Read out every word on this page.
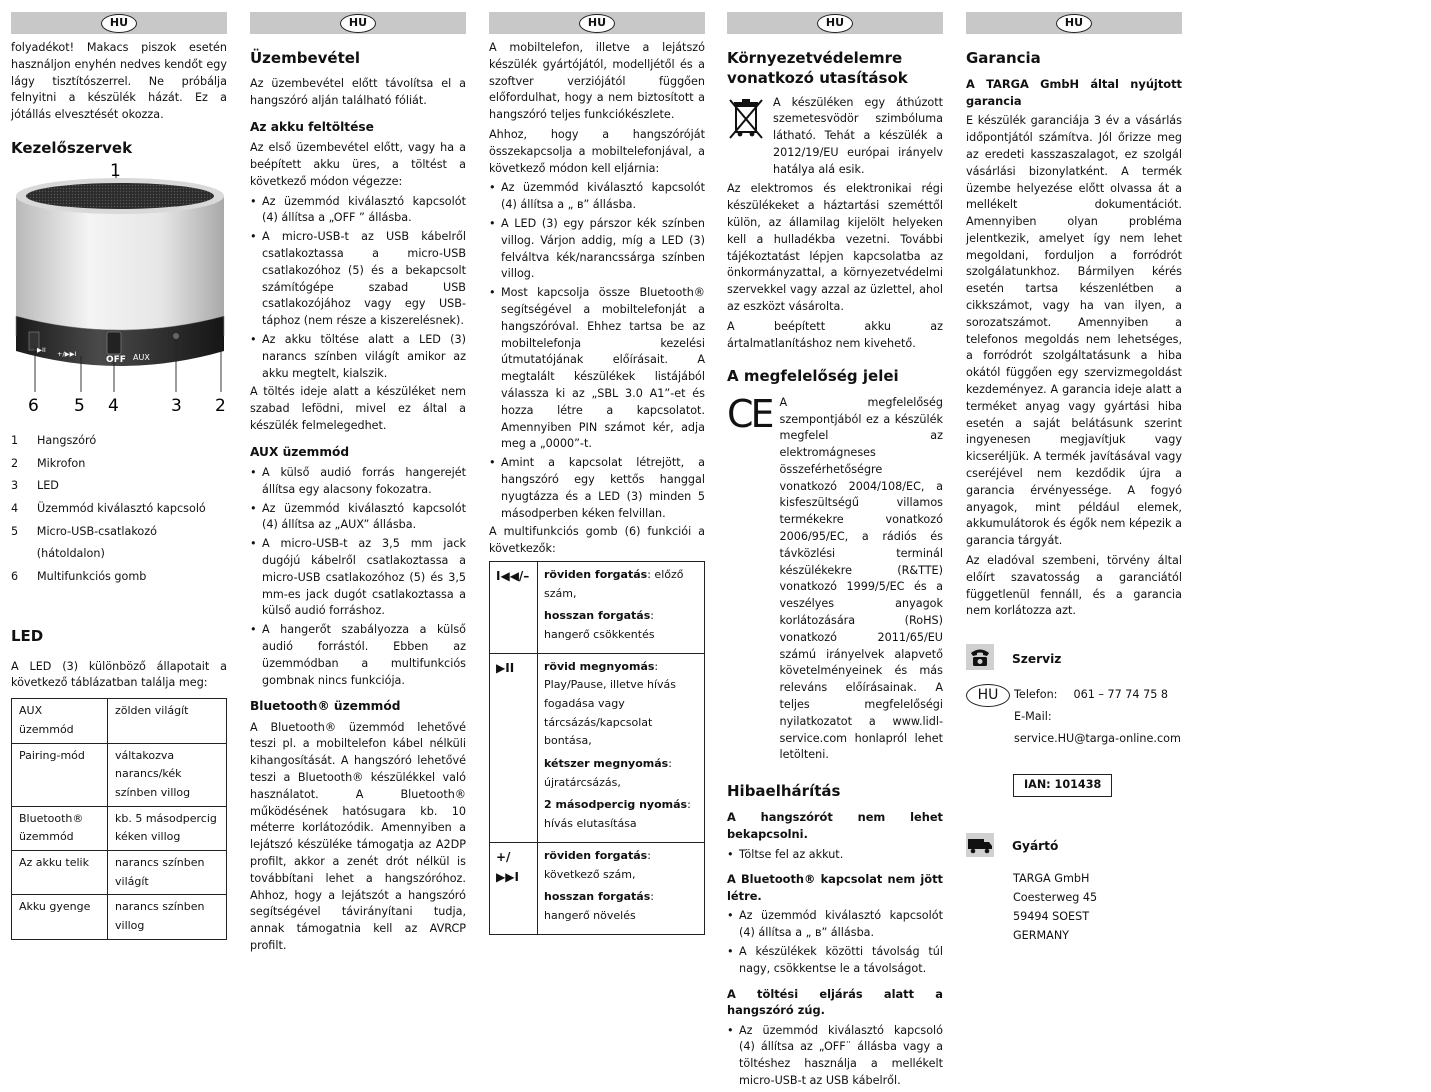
HU

folyadékot! Makacs piszok esetén használjon enyhén nedves kendőt egy lágy tisztítószerrel. Ne próbálja felnyitni a készülék házát. Ez a jótállás elvesztését okozza.

Kezelőszervek
OFF AUX
+/▶▶I
▶II
1
6 5 4	3 2
1	Hangszóró
2	Mikrofon
3	LED
4	Üzemmód kiválasztó kapcsoló
5	Micro-USB-csatlakozó (hátoldalon)
6	Multifunkciós gomb
LED

A LED (3) különböző állapotait a következő táblázatban találja meg:

AUX üzemmód	zölden világít
Pairing-mód	váltakozva narancs/kék színben villog
Bluetooth® üzemmód	kb. 5 másodpercig kéken villog
Az akku telik	narancs színben világít
Akku gyenge	narancs színben villog
HU
Üzembevétel

Az üzembevétel előtt távolítsa el a hangszóró alján található fóliát.

Az akku feltöltése

Az első üzembevétel előtt, vagy ha a beépített akku üres, a töltést a következő módon végezze:

• Az üzemmód kiválasztó kapcsolót (4) állítsa a „OFF ” állásba.
• A micro-USB-t az USB kábelről csatlakoztassa a micro-USB csatlakozóhoz (5) és a bekapcsolt számítógépe szabad USB csatlakozójához vagy egy USB-táphoz (nem része a kiszerelésnek).
• Az akku töltése alatt a LED (3) narancs színben világít amikor az akku megtelt, kialszik.

A töltés ideje alatt a készüléket nem szabad lefödni, mivel ez által a készülék felmelegedhet.

AUX üzemmód
• A külső audió forrás hangerejét állítsa egy alacsony fokozatra.
• Az üzemmód kiválasztó kapcsolót (4) állítsa az „AUX” állásba.
• A micro-USB-t az 3,5 mm jack dugójú kábelről csatlakoztassa a micro-USB csatlakozóhoz (5) és 3,5 mm-es jack dugót csatlakoztassa a külső audió forráshoz.
• A hangerőt szabályozza a külső audió forrástól. Ebben az üzemmódban a multifunkciós gombnak nincs funkciója.
Bluetooth® üzemmód

A Bluetooth® üzemmód lehetővé teszi pl. a mobiltelefon kábel nélküli kihangosítását. A hangszóró lehetővé teszi a Bluetooth® készülékkel való használatot. A Bluetooth® működésének hatósugara kb. 10 méterre korlátozódik. Amennyiben a lejátszó készüléke támogatja az A2DP profilt, akkor a zenét drót nélkül is továbbítani lehet a hangszóróhoz. Ahhoz, hogy a lejátszót a hangszóró segítségével távirányítani tudja, annak támogatnia kell az AVRCP profilt.

HU

A mobiltelefon, illetve a lejátszó készülék gyártójától, modelljétől és a szoftver verziójától függően előfordulhat, hogy a nem biztosított a hangszóró teljes funkciókészlete.

Ahhoz, hogy a hangszóróját összekapcsolja a mobiltelefonjával, a következő módon kell eljárnia:

• Az üzemmód kiválasztó kapcsolót (4) állítsa a „ ʙ” állásba.
• A LED (3) egy párszor kék színben villog. Várjon addig, míg a LED (3) felváltva kék/narancssárga színben villog.
• Most kapcsolja össze Bluetooth® segítségével a mobiltelefonját a hangszóróval. Ehhez tartsa be az mobiltelefonja kezelési útmutatójának előírásait. A megtalált készülékek listájából válassza ki az „SBL 3.0 A1”-et és hozza létre a kapcsolatot. Amennyiben PIN számot kér, adja meg a „0000”-t.
• Amint a kapcsolat létrejött, a hangszóró egy kettős hanggal nyugtázza és a LED (3) minden 5 másodperben kéken felvillan.

A multifunkciós gomb (6) funkciói a következők:

I◀◀/–	röviden forgatás: előző szám,
hosszan forgatás: hangerő csökkentés

▶II	rövid megnyomás: Play/Pause, illetve hívás fogadása vagy tárcsázás/kapcsolat bontása,
kétszer megnyomás: újratárcsázás,
2 másodpercig nyomás: hívás elutasítása

+/▶▶I	röviden forgatás: következő szám,
hosszan forgatás: hangerő növelés
HU
Környezetvédelemre vonatkozó utasítások

A készüléken egy áthúzott szemetesvödör szimbóluma látható. Tehát a készülék a 2012/19/EU európai irányelv hatálya alá esik.

Az elektromos és elektronikai régi készülékeket a háztartási szeméttől külön, az államilag kijelölt helyeken kell a hulladékba vezetni. További tájékoztatást lépjen kapcsolatba az önkormányzattal, a környezetvédelmi szervekkel vagy azzal az üzlettel, ahol az eszközt vásárolta.

A beépített akku az ártalmatlanításhoz nem kivehető.

A megfelelőség jelei
CE A megfelelőség szempontjából ez a készülék megfelel az elektromágneses összeférhetőségre vonatkozó 2004/108/EC, a kisfeszültségű villamos termékekre vonatkozó 2006/95/EC, a rádiós és távközlési terminál készülékekre (R&TTE) vonatkozó 1999/5/EC és a veszélyes anyagok korlátozására (RoHS) vonatkozó 2011/65/EU számú irányelvek alapvető követelményeinek és más releváns előírásainak. A teljes megfelelőségi nyilatkozatot a www.lidl-service.com honlapról lehet letölteni.

Hibaelhárítás
A hangszórót nem lehet bekapcsolni.
• Töltse fel az akkut.
A Bluetooth® kapcsolat nem jött létre.
• Az üzemmód kiválasztó kapcsolót (4) állítsa a „ ʙ” állásba.
• A készülékek közötti távolság túl nagy, csökkentse le a távolságot.
A töltési eljárás alatt a hangszóró zúg.
• Az üzemmód kiválasztó kapcsoló (4) állítsa az „OFF¨ állásba vagy a töltéshez használja a mellékelt micro-USB-t az USB kábelről.
HU
Garancia
A TARGA GmbH által nyújtott garancia

E készülék garanciája 3 év a vásárlás időpontjától számítva. Jól őrizze meg az eredeti kasszaszalagot, ez szolgál vásárlási bizonylatként. A termék üzembe helyezése előtt olvassa át a mellékelt dokumentációt. Amennyiben olyan probléma jelentkezik, amelyet így nem lehet megoldani, forduljon a forródrót szolgálatunkhoz. Bármilyen kérés esetén tartsa készenlétben a cikkszámot, vagy ha van ilyen, a sorozatszámot. Amennyiben a telefonos megoldás nem lehetséges, a forródrót szolgáltatásunk a hiba okától függően egy szervizmegoldást kezdeményez. A garancia ideje alatt a terméket anyag vagy gyártási hiba esetén a saját belátásunk szerint ingyenesen megjavítjuk vagy kicseréljük. A termék javításával vagy cseréjével nem kezdődik újra a garancia érvényessége. A fogyó anyagok, mint például elemek, akkumulátorok és égők nem képezik a garancia tárgyát.

Az eladóval szembeni, törvény által előírt szavatosság a garanciától függetlenül fennáll, és a garancia nem korlátozza azt.

Szerviz
HU	Telefon: 061 – 77 74 75 8
E-Mail:
service.HU@targa-online.com
IAN: 101438
Gyártó
TARGA GmbH
Coesterweg 45
59494 SOEST
GERMANY
